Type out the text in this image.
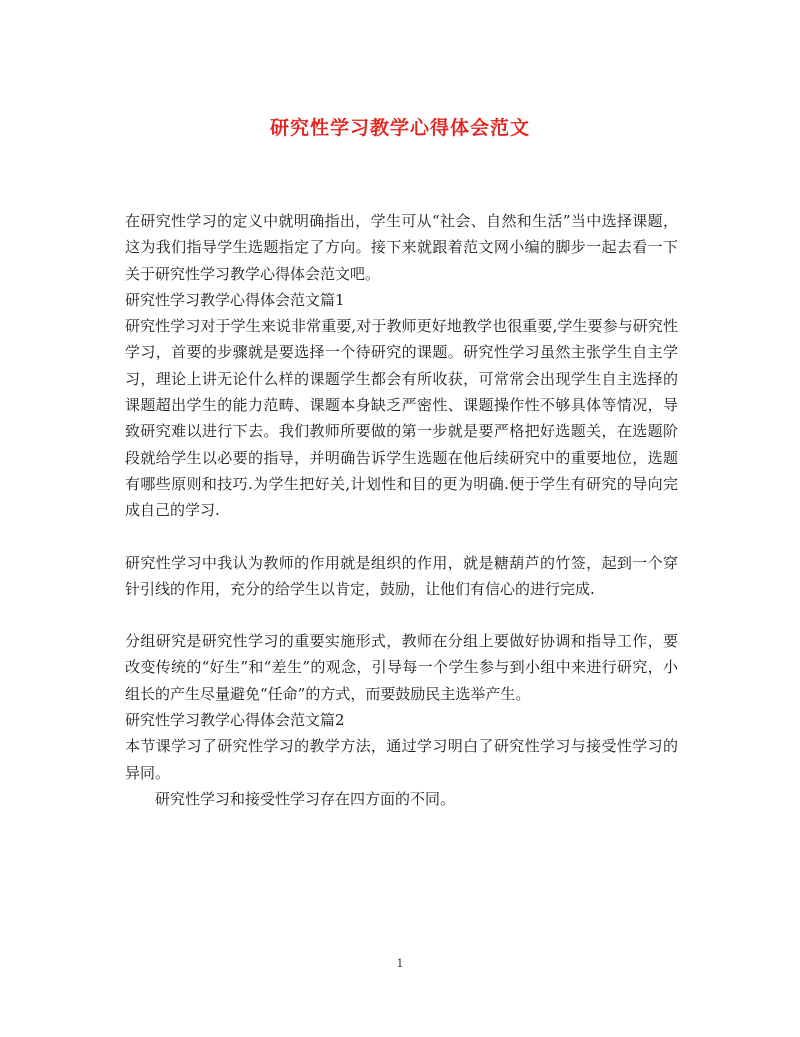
研究性学习教学心得体会范文

在研究性学习的定义中就明确指出，学生可从“社会、自然和生活”当中选择课题，这为我们指导学生选题指定了方向。接下来就跟着范文网小编的脚步一起去看一下关于研究性学习教学心得体会范文吧。

研究性学习教学心得体会范文篇1

研究性学习对于学生来说非常重要,对于教师更好地教学也很重要,学生要参与研究性学习，首要的步骤就是要选择一个待研究的课题。研究性学习虽然主张学生自主学习，理论上讲无论什么样的课题学生都会有所收获，可常常会出现学生自主选择的课题超出学生的能力范畴、课题本身缺乏严密性、课题操作性不够具体等情况，导致研究难以进行下去。我们教师所要做的第一步就是要严格把好选题关，在选题阶段就给学生以必要的指导，并明确告诉学生选题在他后续研究中的重要地位，选题有哪些原则和技巧.为学生把好关,计划性和目的更为明确.便于学生有研究的导向完成自己的学习.

研究性学习中我认为教师的作用就是组织的作用，就是糖葫芦的竹签，起到一个穿针引线的作用，充分的给学生以肯定，鼓励，让他们有信心的进行完成.

分组研究是研究性学习的重要实施形式，教师在分组上要做好协调和指导工作，要改变传统的“好生”和“差生”的观念，引导每一个学生参与到小组中来进行研究，小组长的产生尽量避免“任命”的方式，而要鼓励民主选举产生。

研究性学习教学心得体会范文篇2

本节课学习了研究性学习的教学方法，通过学习明白了研究性学习与接受性学习的异同。

研究性学习和接受性学习存在四方面的不同。

1
